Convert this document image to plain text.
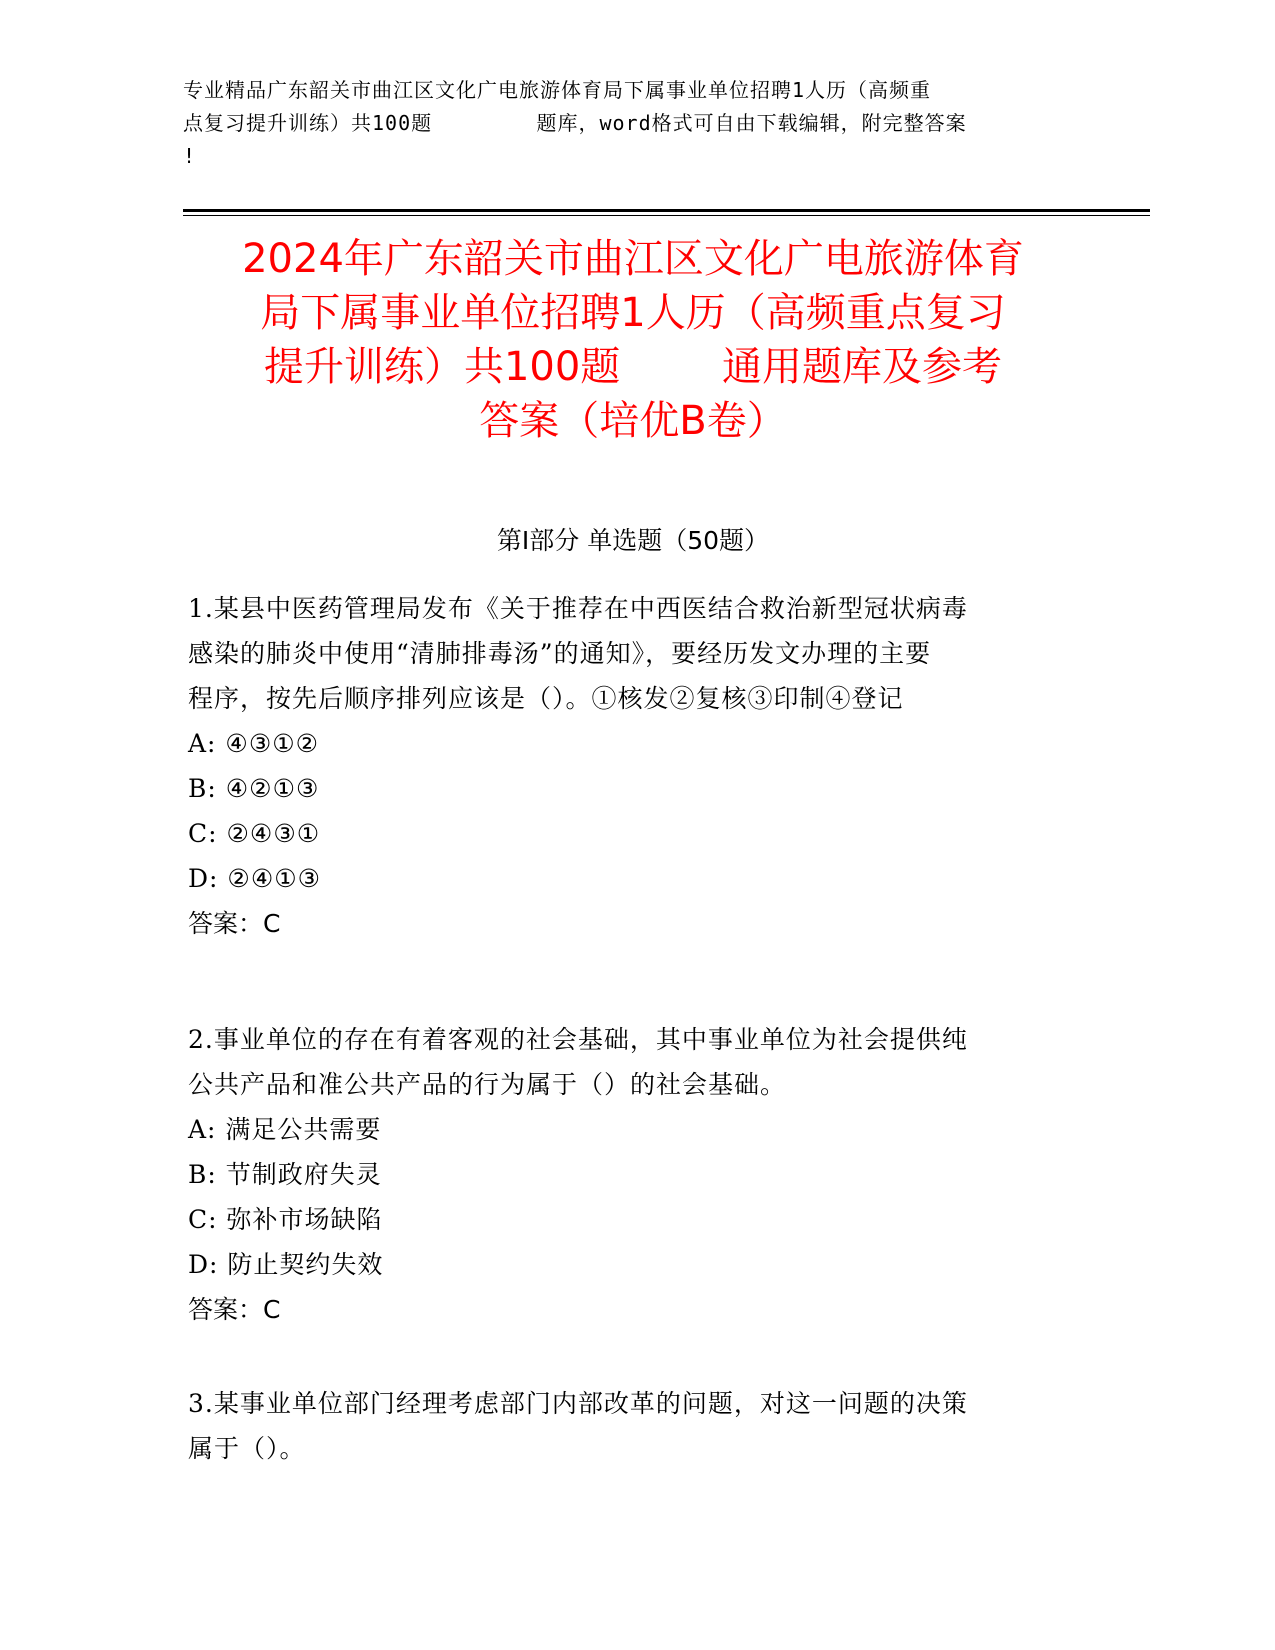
专业精品广东韶关市曲江区文化广电旅游体育局下属事业单位招聘1人历（高频重
点复习提升训练）共100题        题库，word格式可自由下载编辑，附完整答案
!
2024年广东韶关市曲江区文化广电旅游体育
局下属事业单位招聘1人历（高频重点复习
提升训练）共100题        通用题库及参考
答案（培优B卷）
第Ⅰ部分 单选题（50题）
1.某县中医药管理局发布《关于推荐在中西医结合救治新型冠状病毒
感染的肺炎中使用“清肺排毒汤”的通知》，要经历发文办理的主要
程序，按先后顺序排列应该是（）。①核发②复核③印制④登记
A: ④③①②
B: ④②①③
C: ②④③①
D: ②④①③
答案：C
2.事业单位的存在有着客观的社会基础，其中事业单位为社会提供纯
公共产品和准公共产品的行为属于（）的社会基础。
A: 满足公共需要
B: 节制政府失灵
C: 弥补市场缺陷
D: 防止契约失效
答案：C
3.某事业单位部门经理考虑部门内部改革的问题，对这一问题的决策
属于（）。
